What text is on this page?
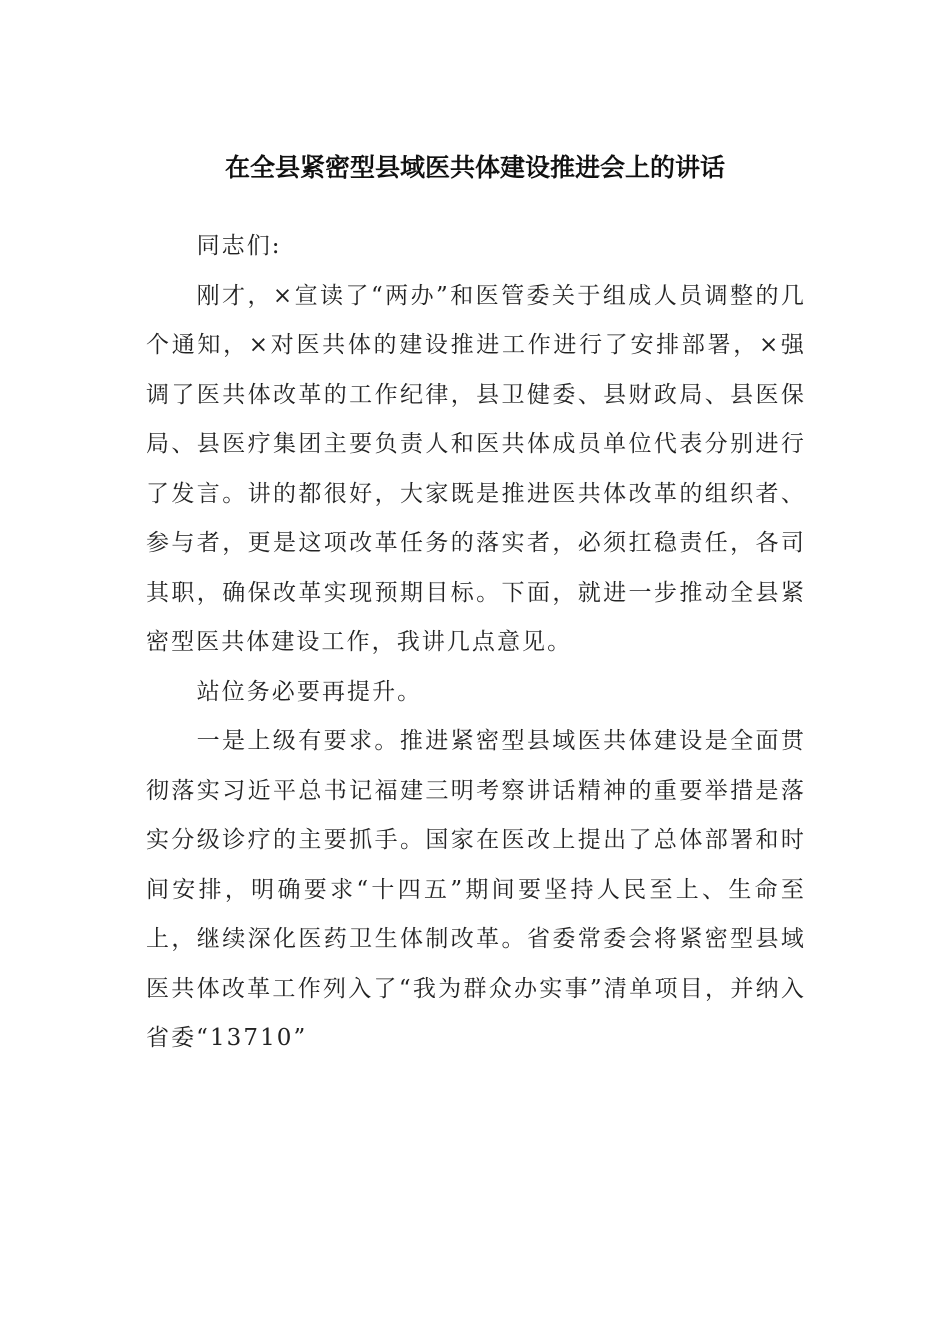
在全县紧密型县域医共体建设推进会上的讲话

同志们:

刚才，×宣读了“两办”和医管委关于组成人员调整的几个通知，×对医共体的建设推进工作进行了安排部署，×强调了医共体改革的工作纪律，县卫健委、县财政局、县医保局、县医疗集团主要负责人和医共体成员单位代表分别进行了发言。讲的都很好，大家既是推进医共体改革的组织者、参与者，更是这项改革任务的落实者，必须扛稳责任，各司其职，确保改革实现预期目标。下面，就进一步推动全县紧密型医共体建设工作，我讲几点意见。

站位务必要再提升。

一是上级有要求。推进紧密型县域医共体建设是全面贯彻落实习近平总书记福建三明考察讲话精神的重要举措是落实分级诊疗的主要抓手。国家在医改上提出了总体部署和时间安排，明确要求“十四五”期间要坚持人民至上、生命至上，继续深化医药卫生体制改革。省委常委会将紧密型县域医共体改革工作列入了“我为群众办实事”清单项目，并纳入省委“13710”
